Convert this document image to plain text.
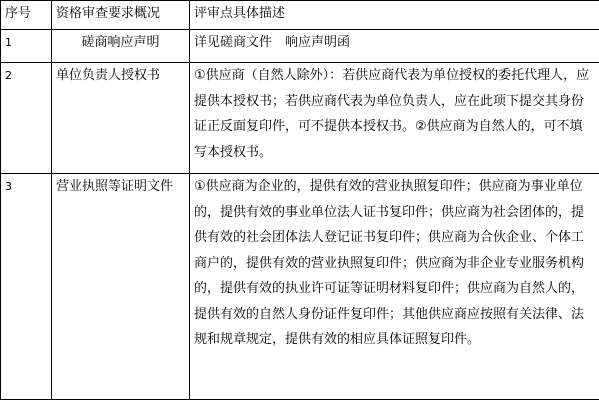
序号	资格审查要求概况	评审点具体描述
1	磋商响应声明	详见磋商文件　响应声明函
2	单位负责人授权书	①供应商（自然人除外）：若供应商代表为单位授权的委托代理人，应提供本授权书；若供应商代表为单位负责人，应在此项下提交其身份证正反面复印件，可不提供本授权书。②供应商为自然人的，可不填写本授权书。
3	营业执照等证明文件	①供应商为企业的，提供有效的营业执照复印件；供应商为事业单位的，提供有效的事业单位法人证书复印件；供应商为社会团体的，提供有效的社会团体法人登记证书复印件；供应商为合伙企业、个体工商户的，提供有效的营业执照复印件；供应商为非企业专业服务机构的，提供有效的执业许可证等证明材料复印件；供应商为自然人的，提供有效的自然人身份证件复印件；其他供应商应按照有关法律、法规和规章规定，提供有效的相应具体证照复印件。
